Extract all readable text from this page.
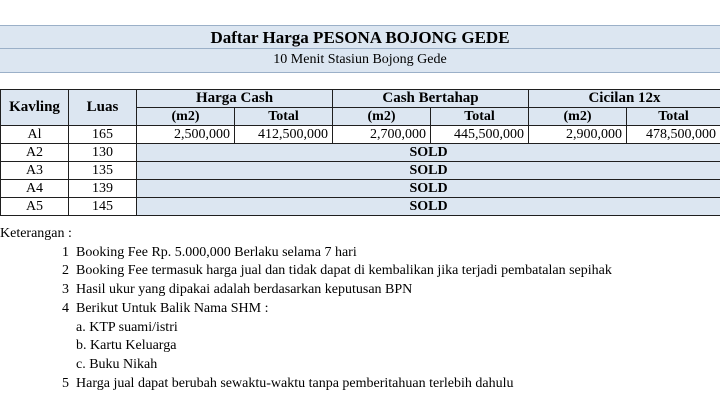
Daftar Harga PESONA BOJONG GEDE
10 Menit Stasiun Bojong Gede
Kavling	Luas	Harga Cash		Cash Bertahap		Cicilan 12x	
		(m2)	Total	(m2)	Total	(m2)	Total
Al	165	2,500,000	412,500,000	2,700,000	445,500,000	2,900,000	478,500,000
A2	130	SOLD					
A3	135	SOLD					
A4	139	SOLD					
A5	145	SOLD					
Keterangan :
1 Booking Fee Rp. 5.000,000 Berlaku selama 7 hari
2 Booking Fee termasuk harga jual dan tidak dapat di kembalikan jika terjadi pembatalan sepihak
3 Hasil ukur yang dipakai adalah berdasarkan keputusan BPN
4 Berikut Untuk Balik Nama SHM :
a. KTP suami/istri
b. Kartu Keluarga
c. Buku Nikah
5 Harga jual dapat berubah sewaktu-waktu tanpa pemberitahuan terlebih dahulu
